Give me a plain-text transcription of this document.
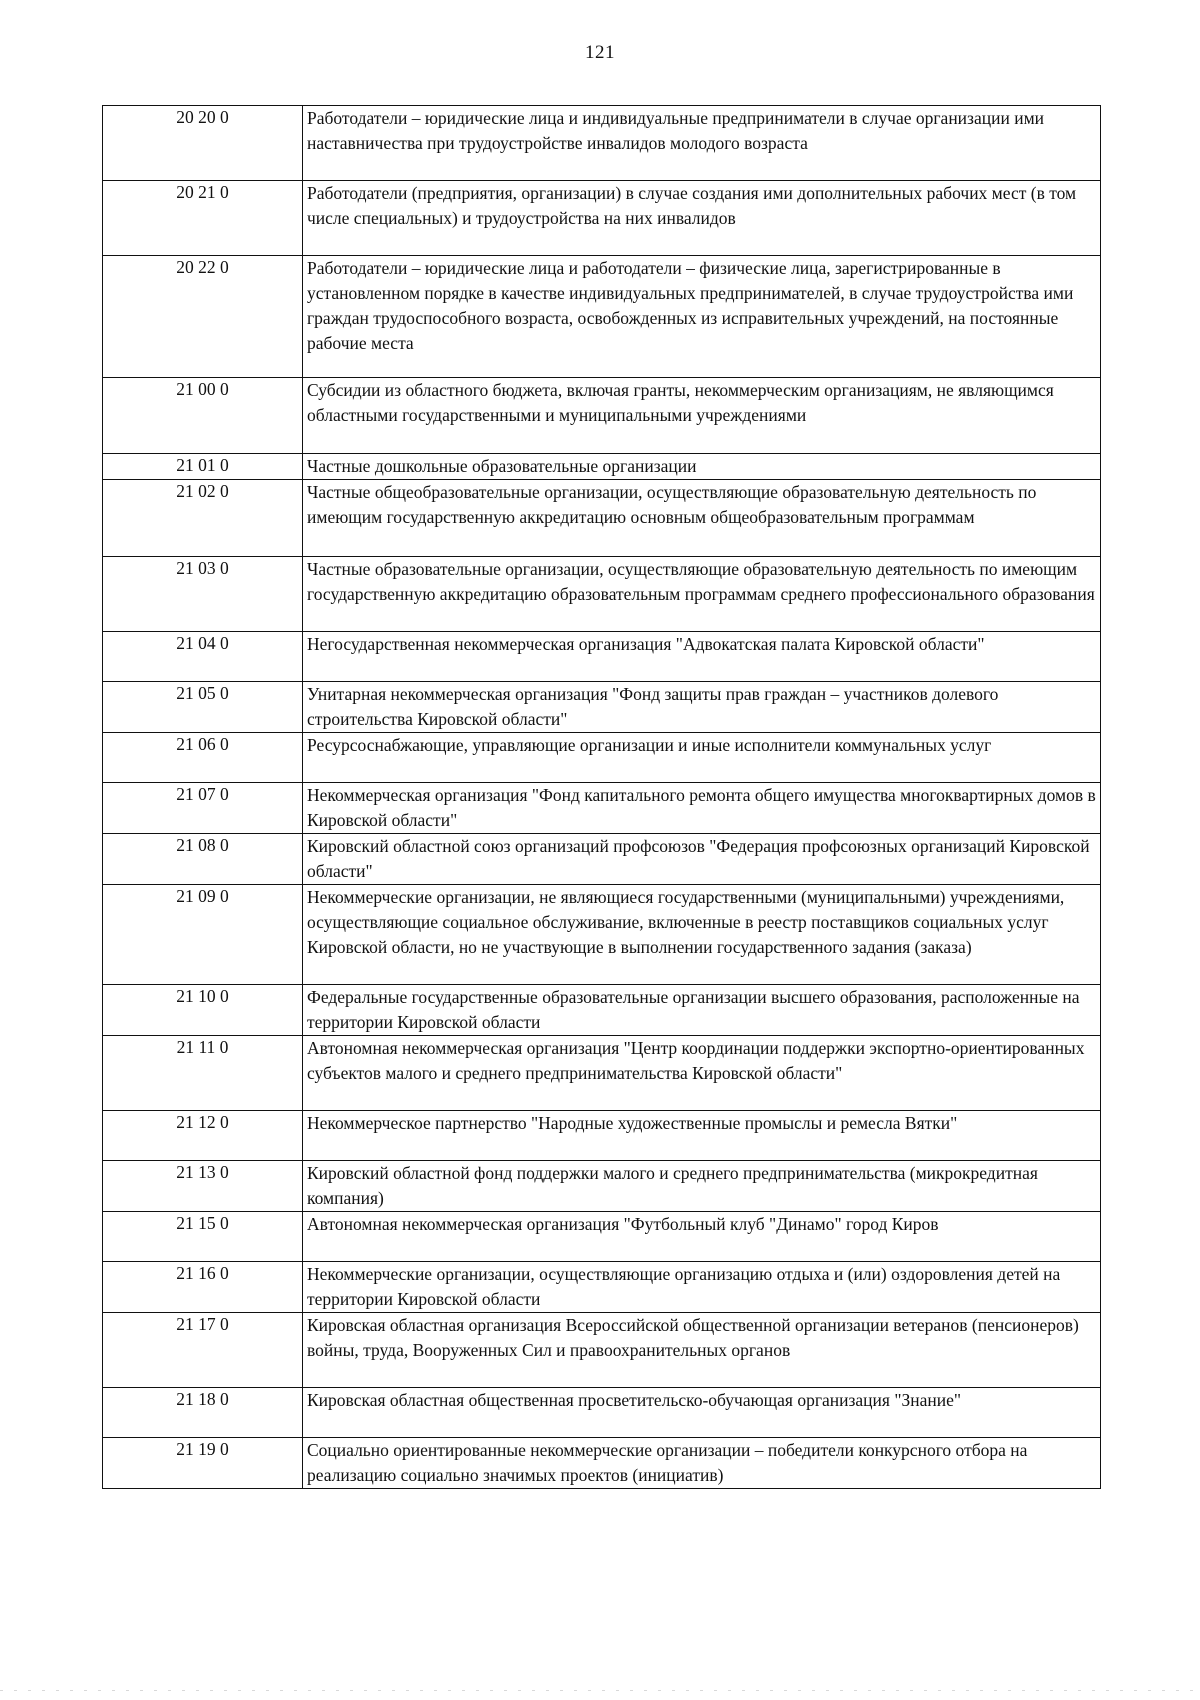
121
20 20 0	Работодатели – юридические лица и индивидуальные предприниматели в случае организации ими наставничества при трудоустройстве инвалидов молодого возраста

20 21 0	Работодатели (предприятия, организации) в случае создания ими дополнительных рабочих мест (в том числе специальных) и трудоустройства на них инвалидов

20 22 0	Работодатели – юридические лица и работодатели – физические лица, зарегистрированные в установленном порядке в качестве индивидуальных предпринимателей, в случае трудоустройства ими граждан трудоспособного возраста, освобожденных из исправительных учреждений, на постоянные рабочие места

21 00 0	Субсидии из областного бюджета, включая гранты, некоммерческим организациям, не являющимся областными государственными и муниципальными учреждениями

21 01 0	Частные дошкольные образовательные организации

21 02 0	Частные общеобразовательные организации, осуществляющие образовательную деятельность по имеющим государственную аккредитацию основным общеобразовательным программам

21 03 0	Частные образовательные организации, осуществляющие образовательную деятельность по имеющим государственную аккредитацию образовательным программам среднего профессионального образования

21 04 0	Негосударственная некоммерческая организация "Адвокатская палата Кировской области"

21 05 0	Унитарная некоммерческая организация "Фонд защиты прав граждан – участников долевого строительства Кировской области"

21 06 0	Ресурсоснабжающие, управляющие организации и иные исполнители коммунальных услуг

21 07 0	Некоммерческая организация "Фонд капитального ремонта общего имущества многоквартирных домов в Кировской области"

21 08 0	Кировский областной союз организаций профсоюзов "Федерация профсоюзных организаций Кировской области"

21 09 0	Некоммерческие организации, не являющиеся государственными (муниципальными) учреждениями, осуществляющие социальное обслуживание, включенные в реестр поставщиков социальных услуг Кировской области, но не участвующие в выполнении государственного задания (заказа)

21 10 0	Федеральные государственные образовательные организации высшего образования, расположенные на территории Кировской области

21 11 0	Автономная некоммерческая организация "Центр координации поддержки экспортно-ориентированных субъектов малого и среднего предпринимательства Кировской области"

21 12 0	Некоммерческое партнерство "Народные художественные промыслы и ремесла Вятки"

21 13 0	Кировский областной фонд поддержки малого и среднего предпринимательства (микрокредитная компания)

21 15 0	Автономная некоммерческая организация "Футбольный клуб "Динамо" город Киров

21 16 0	Некоммерческие организации, осуществляющие организацию отдыха и (или) оздоровления детей на территории Кировской области

21 17 0	Кировская областная организация Всероссийской общественной организации ветеранов (пенсионеров) войны, труда, Вооруженных Сил и правоохранительных органов

21 18 0	Кировская областная общественная просветительско-обучающая организация "Знание"

21 19 0	Социально ориентированные некоммерческие организации – победители конкурсного отбора на реализацию социально значимых проектов (инициатив)
